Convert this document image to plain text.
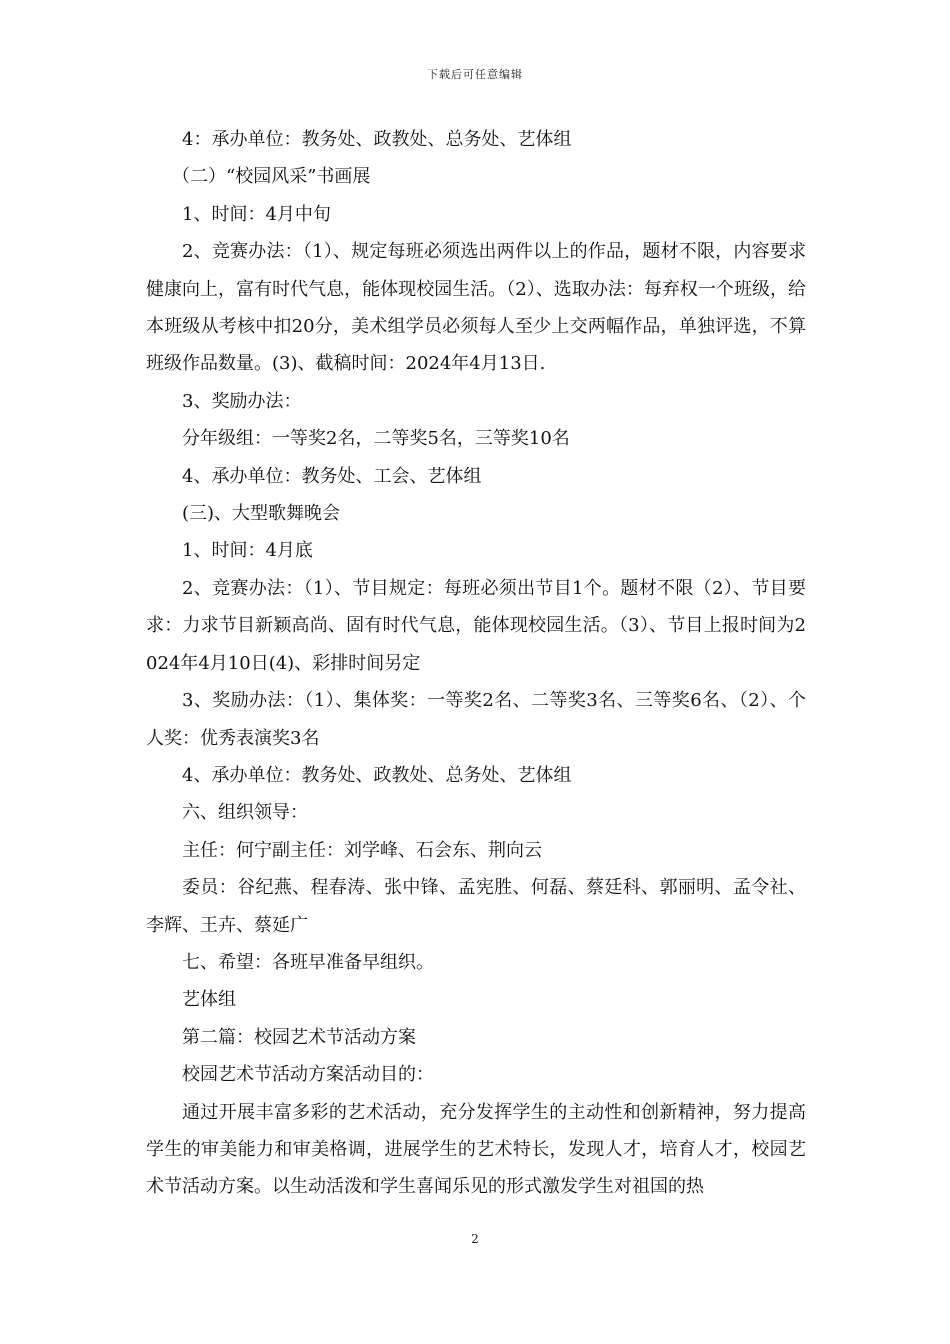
下载后可任意编辑

4：承办单位：教务处、政教处、总务处、艺体组

（二）“校园风采”书画展

1、时间：4月中旬

2、竞赛办法：（1）、规定每班必须选出两件以上的作品，题材不限，内容要求健康向上，富有时代气息，能体现校园生活。（2）、选取办法：每弃权一个班级，给本班级从考核中扣20分，美术组学员必须每人至少上交两幅作品，单独评选，不算班级作品数量。(3)、截稿时间：2024年4月13日.

3、奖励办法：

分年级组：一等奖2名，二等奖5名，三等奖10名

4、承办单位：教务处、工会、艺体组

(三)、大型歌舞晚会

1、时间：4月底

2、竞赛办法：（1）、节目规定：每班必须出节目1个。题材不限（2）、节目要求：力求节目新颖高尚、固有时代气息，能体现校园生活。（3）、节目上报时间为2024年4月10日(4)、彩排时间另定

3、奖励办法：（1）、集体奖：一等奖2名、二等奖3名、三等奖6名、（2）、个人奖：优秀表演奖3名

4、承办单位：教务处、政教处、总务处、艺体组

六、组织领导：

主任：何宁副主任：刘学峰、石会东、荆向云

委员：谷纪燕、程春涛、张中锋、孟宪胜、何磊、蔡廷科、郭丽明、孟令社、李辉、王卉、蔡延广

七、希望：各班早准备早组织。

艺体组

第二篇：校园艺术节活动方案

校园艺术节活动方案活动目的：

通过开展丰富多彩的艺术活动，充分发挥学生的主动性和创新精神，努力提高学生的审美能力和审美格调，进展学生的艺术特长，发现人才，培育人才，校园艺术节活动方案。以生动活泼和学生喜闻乐见的形式激发学生对祖国的热

2
